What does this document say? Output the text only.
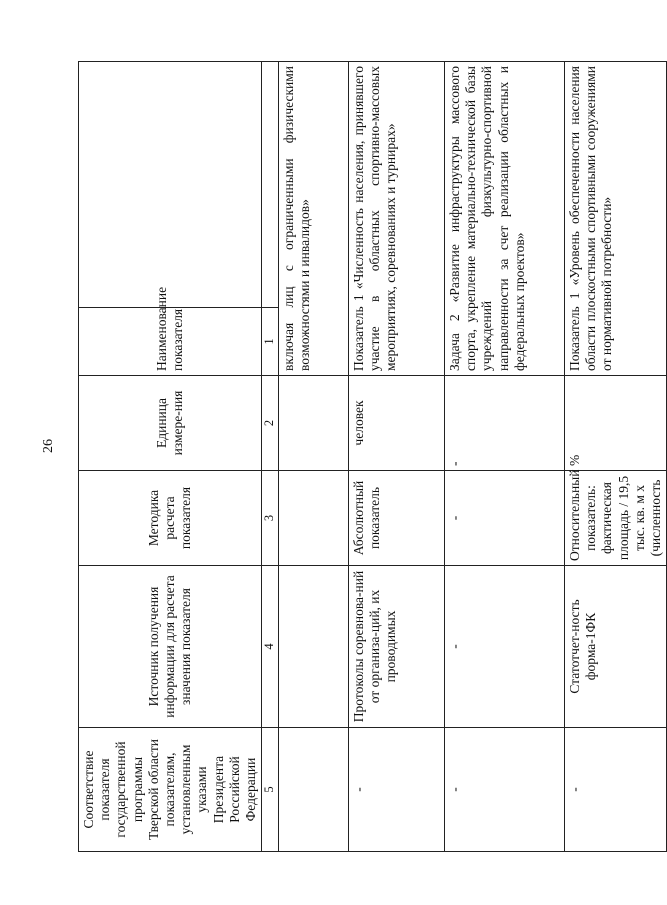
26
Соответствие показателя государственной программы Тверской области показателям, установленным указами Президента Российской Федерации	Источник получения информации для расчета значения показателя	Методика расчета показателя	Единица измере-ния	Наименование показателя	
5	4	3	2	1	
				включая лиц с ограниченными физическими возможностями и инвалидов»	
-	Протоколы соревнова-ний от организа-ций, их проводимых	Абсолютный показатель	человек	Показатель 1 «Численность населения, принявшего участие в областных спортивно-массовых мероприятиях, соревнованиях и турнирах»	
-	-	-	-	Задача 2 «Развитие инфраструктуры массового спорта, укрепление материально-технической базы учреждений физкультурно-спортивной направленности за счет реализации областных и федеральных проектов»	
-	Статотчет-ность форма-1ФК	Относительный показатель: фактическая площадь / 19,5 тыс. кв. м х (численность	%	Показатель 1 «Уровень обеспеченности населения области плоскостными спортивными сооружениями от нормативной потребности»	
